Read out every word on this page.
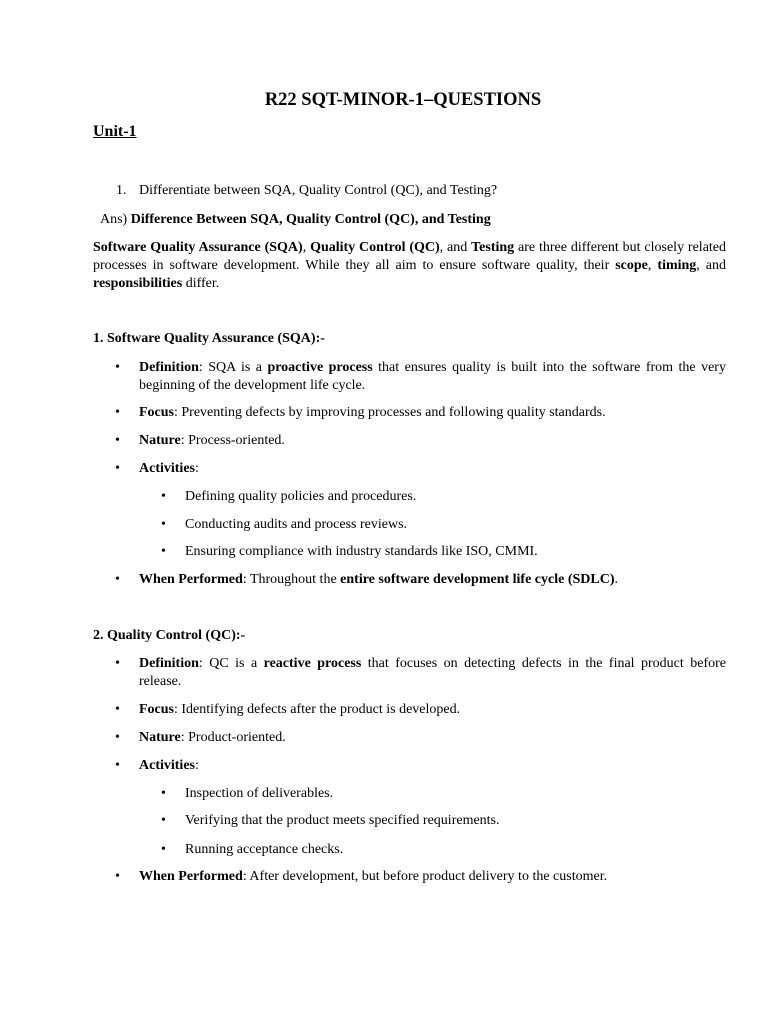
R22 SQT-MINOR-1–QUESTIONS
Unit-1
1. Differentiate between SQA, Quality Control (QC), and Testing?
Ans) Difference Between SQA, Quality Control (QC), and Testing
Software Quality Assurance (SQA), Quality Control (QC), and Testing are three different but closely related processes in software development. While they all aim to ensure software quality, their scope, timing, and responsibilities differ.
1. Software Quality Assurance (SQA):-
• Definition: SQA is a proactive process that ensures quality is built into the software from the very beginning of the development life cycle.
• Focus: Preventing defects by improving processes and following quality standards.
• Nature: Process-oriented.
• Activities:
• Defining quality policies and procedures.
• Conducting audits and process reviews.
• Ensuring compliance with industry standards like ISO, CMMI.
• When Performed: Throughout the entire software development life cycle (SDLC).
2. Quality Control (QC):-
• Definition: QC is a reactive process that focuses on detecting defects in the final product before release.
• Focus: Identifying defects after the product is developed.
• Nature: Product-oriented.
• Activities:
• Inspection of deliverables.
• Verifying that the product meets specified requirements.
• Running acceptance checks.
• When Performed: After development, but before product delivery to the customer.
